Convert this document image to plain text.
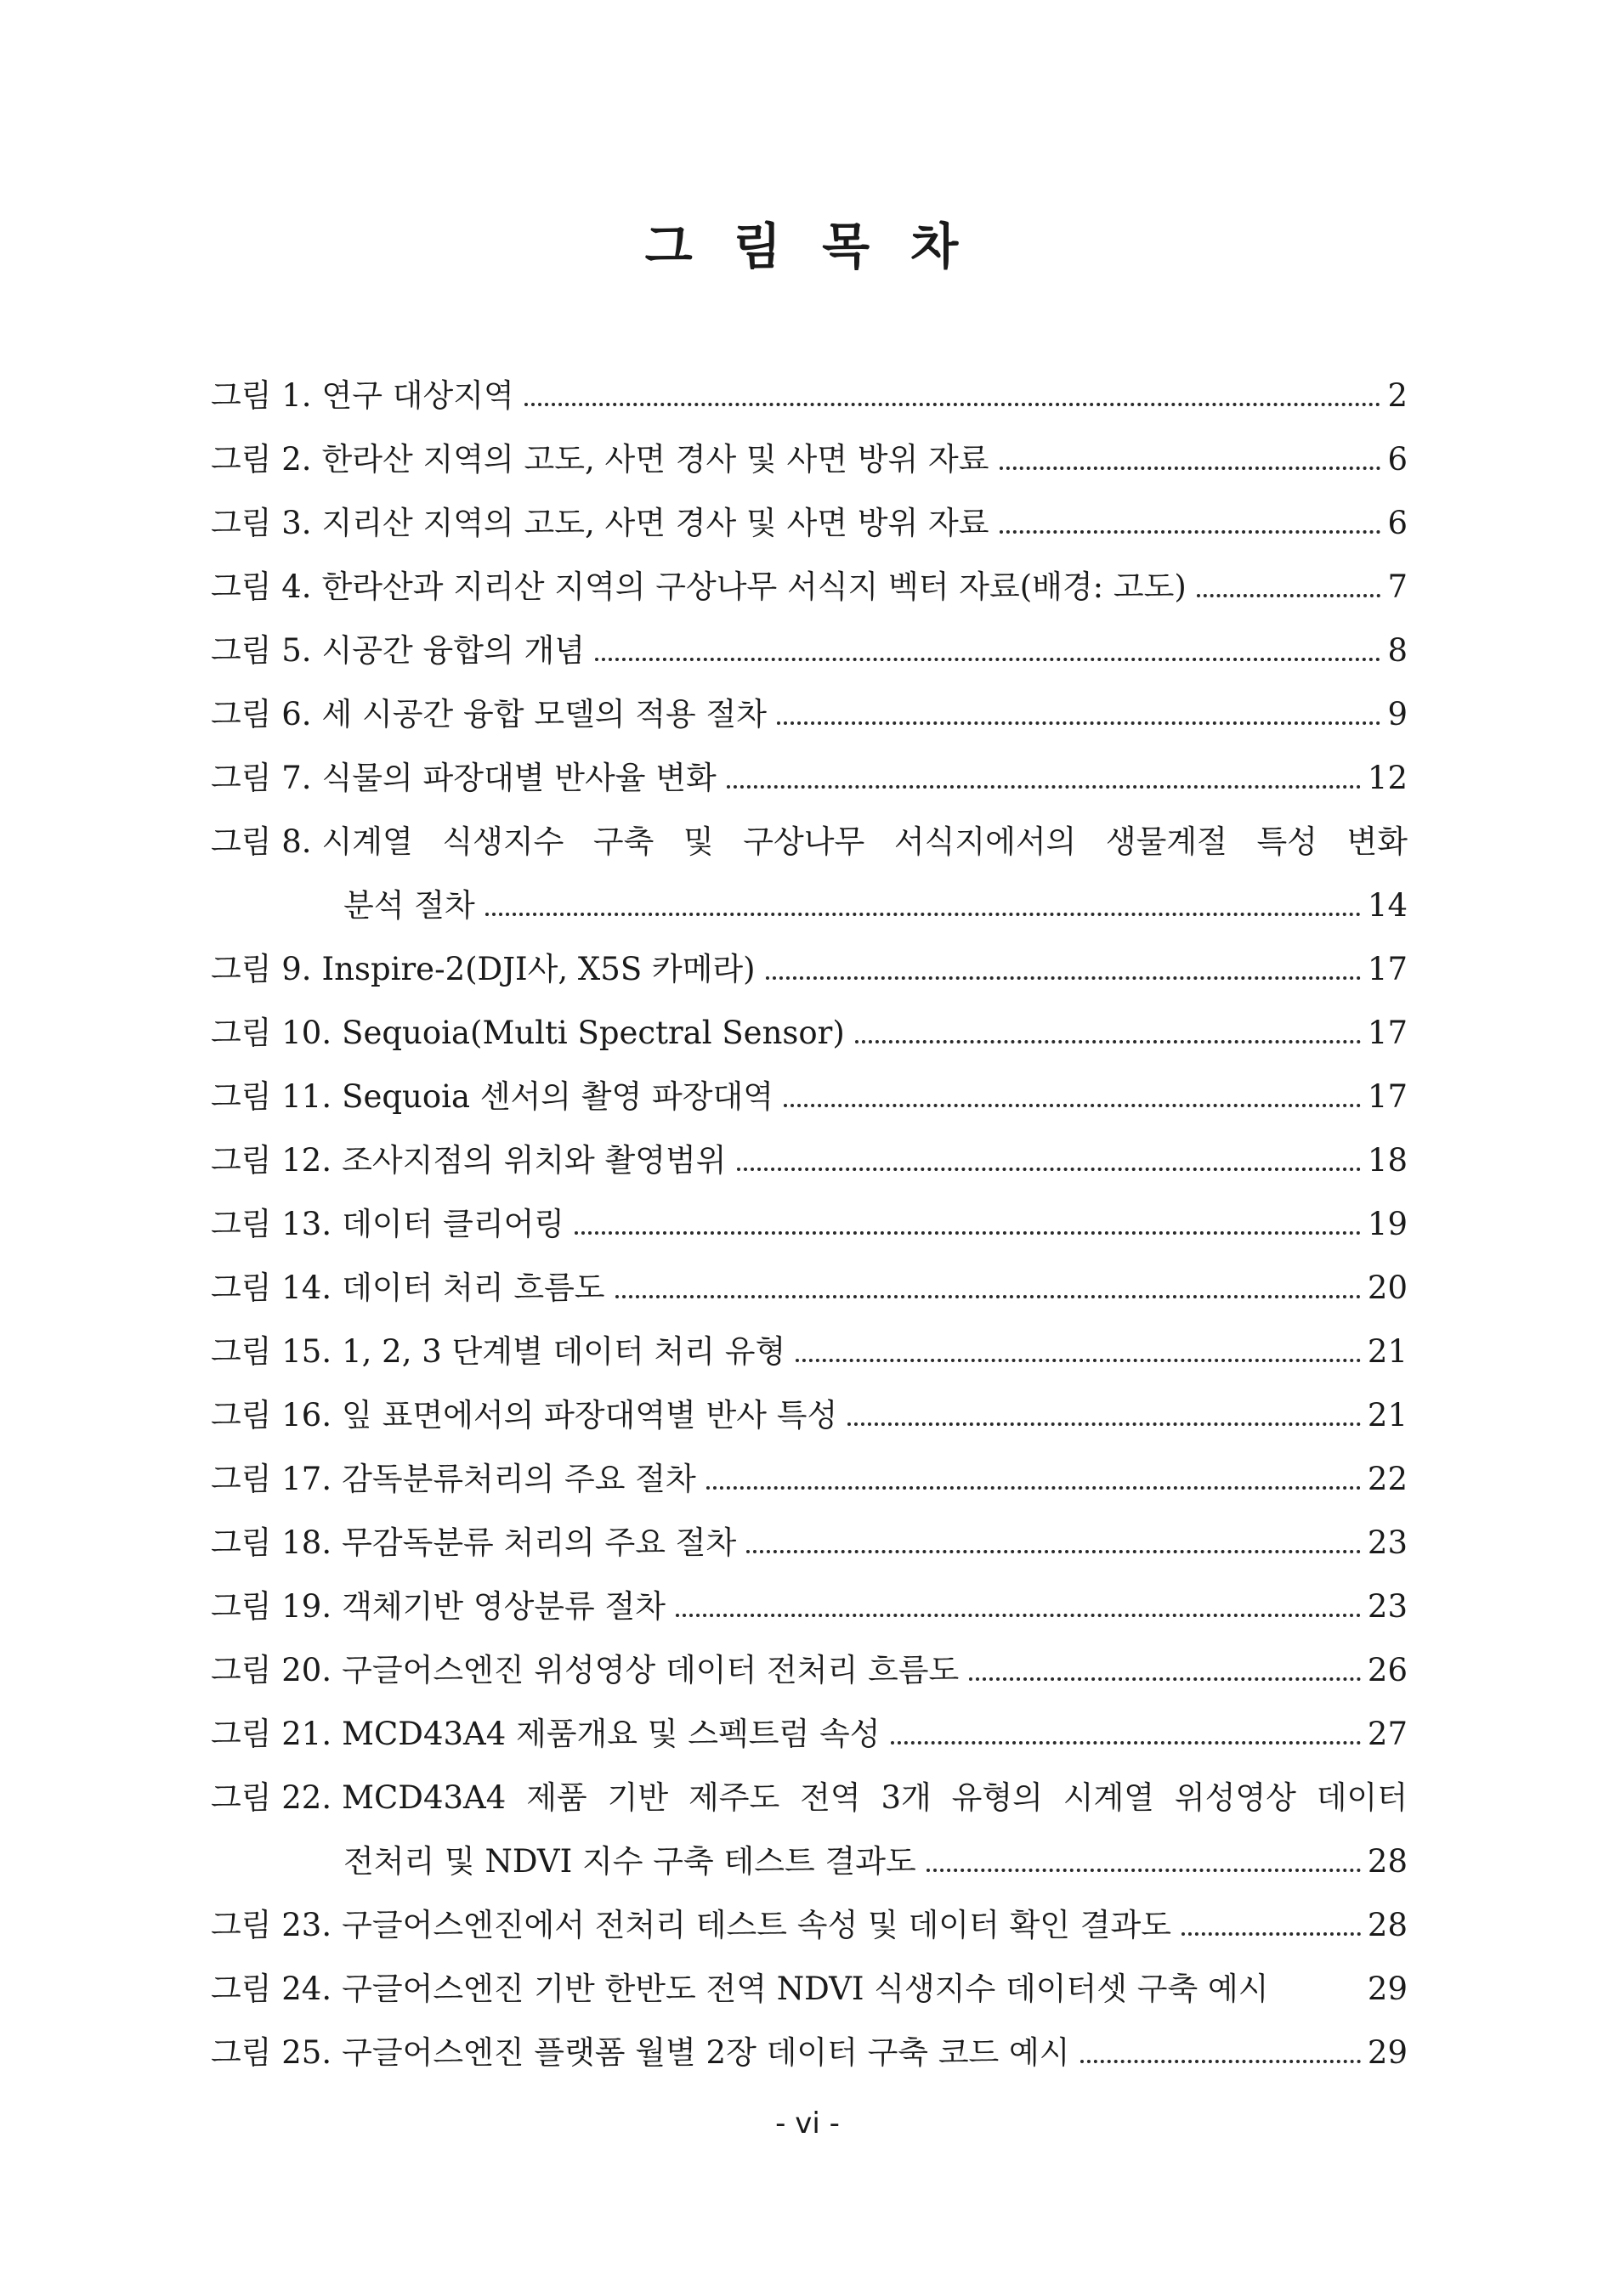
그 림 목 차
그림 1. 연구 대상지역	2
그림 2. 한라산 지역의 고도, 사면 경사 및 사면 방위 자료	6
그림 3. 지리산 지역의 고도, 사면 경사 및 사면 방위 자료	6
그림 4. 한라산과 지리산 지역의 구상나무 서식지 벡터 자료(배경: 고도)	7
그림 5. 시공간 융합의 개념	8
그림 6. 세 시공간 융합 모델의 적용 절차	9
그림 7. 식물의 파장대별 반사율 변화	12
그림 8. 시계열 식생지수 구축 및 구상나무 서식지에서의 생물계절 특성 변화
분석 절차	14
그림 9. Inspire-2(DJI사, X5S 카메라)	17
그림 10. Sequoia(Multi Spectral Sensor)	17
그림 11. Sequoia 센서의 촬영 파장대역	17
그림 12. 조사지점의 위치와 촬영범위	18
그림 13. 데이터 클리어링	19
그림 14. 데이터 처리 흐름도	20
그림 15. 1, 2, 3 단계별 데이터 처리 유형	21
그림 16. 잎 표면에서의 파장대역별 반사 특성	21
그림 17. 감독분류처리의 주요 절차	22
그림 18. 무감독분류 처리의 주요 절차	23
그림 19. 객체기반 영상분류 절차	23
그림 20. 구글어스엔진 위성영상 데이터 전처리 흐름도	26
그림 21. MCD43A4 제품개요 및 스펙트럼 속성	27
그림 22. MCD43A4 제품 기반 제주도 전역 3개 유형의 시계열 위성영상 데이터
전처리 및 NDVI 지수 구축 테스트 결과도	28
그림 23. 구글어스엔진에서 전처리 테스트 속성 및 데이터 확인 결과도	28
그림 24. 구글어스엔진 기반 한반도 전역 NDVI 식생지수 데이터셋 구축 예시	29
그림 25. 구글어스엔진 플랫폼 월별 2장 데이터 구축 코드 예시	29
- vi -
